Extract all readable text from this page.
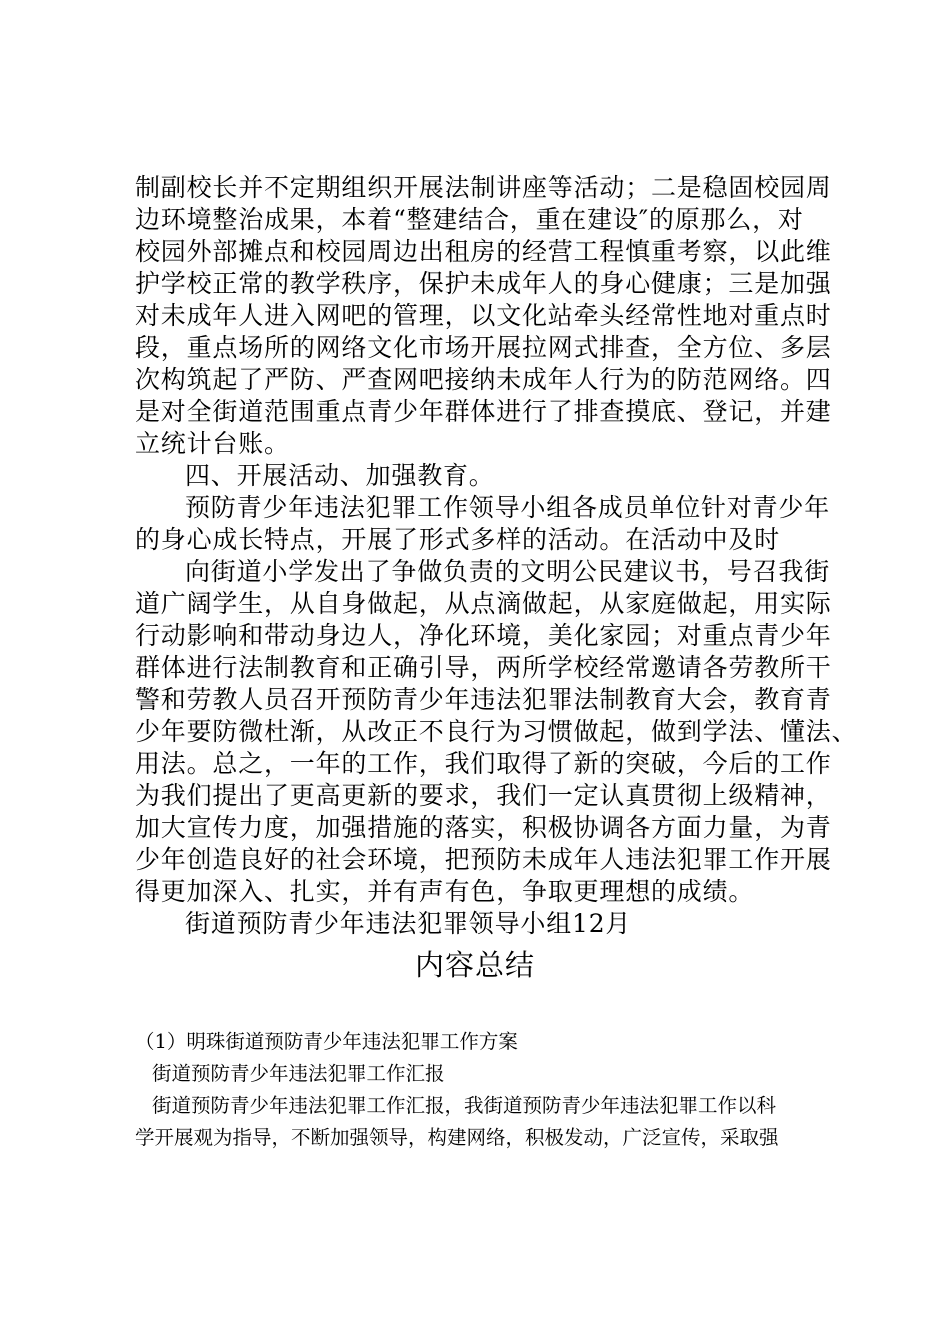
制副校长并不定期组织开展法制讲座等活动；二是稳固校园周
边环境整治成果，本着“整建结合，重在建设″的原那么，对
校园外部摊点和校园周边出租房的经营工程慎重考察，以此维
护学校正常的教学秩序，保护未成年人的身心健康；三是加强
对未成年人进入网吧的管理，以文化站牵头经常性地对重点时
段，重点场所的网络文化市场开展拉网式排查，全方位、多层
次构筑起了严防、严查网吧接纳未成年人行为的防范网络。四
是对全街道范围重点青少年群体进行了排查摸底、登记，并建
立统计台账。
四、开展活动、加强教育。
预防青少年违法犯罪工作领导小组各成员单位针对青少年
的身心成长特点，开展了形式多样的活动。在活动中及时
向街道小学发出了争做负责的文明公民建议书，号召我街
道广阔学生，从自身做起，从点滴做起，从家庭做起，用实际
行动影响和带动身边人，净化环境，美化家园；对重点青少年
群体进行法制教育和正确引导，两所学校经常邀请各劳教所干
警和劳教人员召开预防青少年违法犯罪法制教育大会，教育青
少年要防微杜渐，从改正不良行为习惯做起，做到学法、懂法、
用法。总之，一年的工作，我们取得了新的突破，今后的工作
为我们提出了更高更新的要求，我们一定认真贯彻上级精神，
加大宣传力度，加强措施的落实，积极协调各方面力量，为青
少年创造良好的社会环境，把预防未成年人违法犯罪工作开展
得更加深入、扎实，并有声有色，争取更理想的成绩。
街道预防青少年违法犯罪领导小组12月
内容总结
（1）明珠街道预防青少年违法犯罪工作方案
街道预防青少年违法犯罪工作汇报
街道预防青少年违法犯罪工作汇报，我街道预防青少年违法犯罪工作以科
学开展观为指导，不断加强领导，构建网络，积极发动，广泛宣传，采取强
